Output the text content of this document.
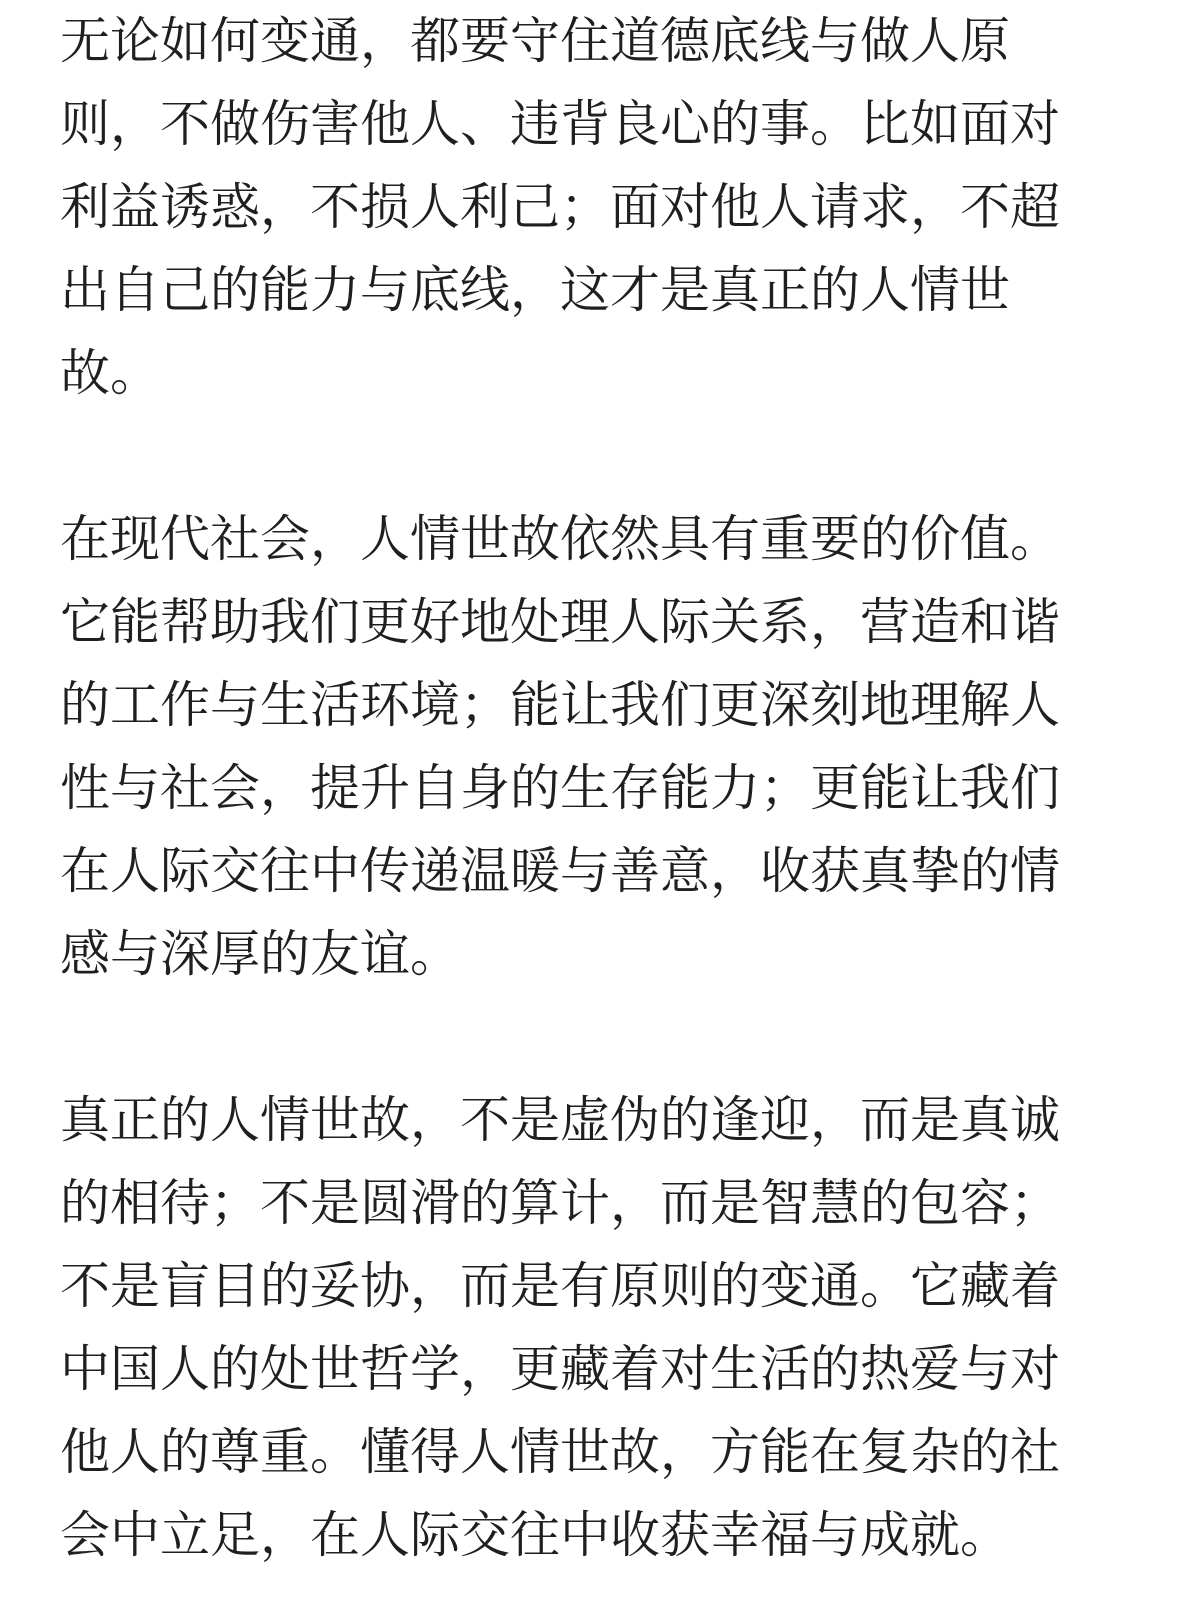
无论如何变通，都要守住道德底线与做人原
则，不做伤害他人、违背良心的事。比如面对
利益诱惑，不损人利己；面对他人请求，不超
出自己的能力与底线，这才是真正的人情世
故。
在现代社会，人情世故依然具有重要的价值。
它能帮助我们更好地处理人际关系，营造和谐
的工作与生活环境；能让我们更深刻地理解人
性与社会，提升自身的生存能力；更能让我们
在人际交往中传递温暖与善意，收获真挚的情
感与深厚的友谊。
真正的人情世故，不是虚伪的逢迎，而是真诚
的相待；不是圆滑的算计，而是智慧的包容；
不是盲目的妥协，而是有原则的变通。它藏着
中国人的处世哲学，更藏着对生活的热爱与对
他人的尊重。懂得人情世故，方能在复杂的社
会中立足，在人际交往中收获幸福与成就。
